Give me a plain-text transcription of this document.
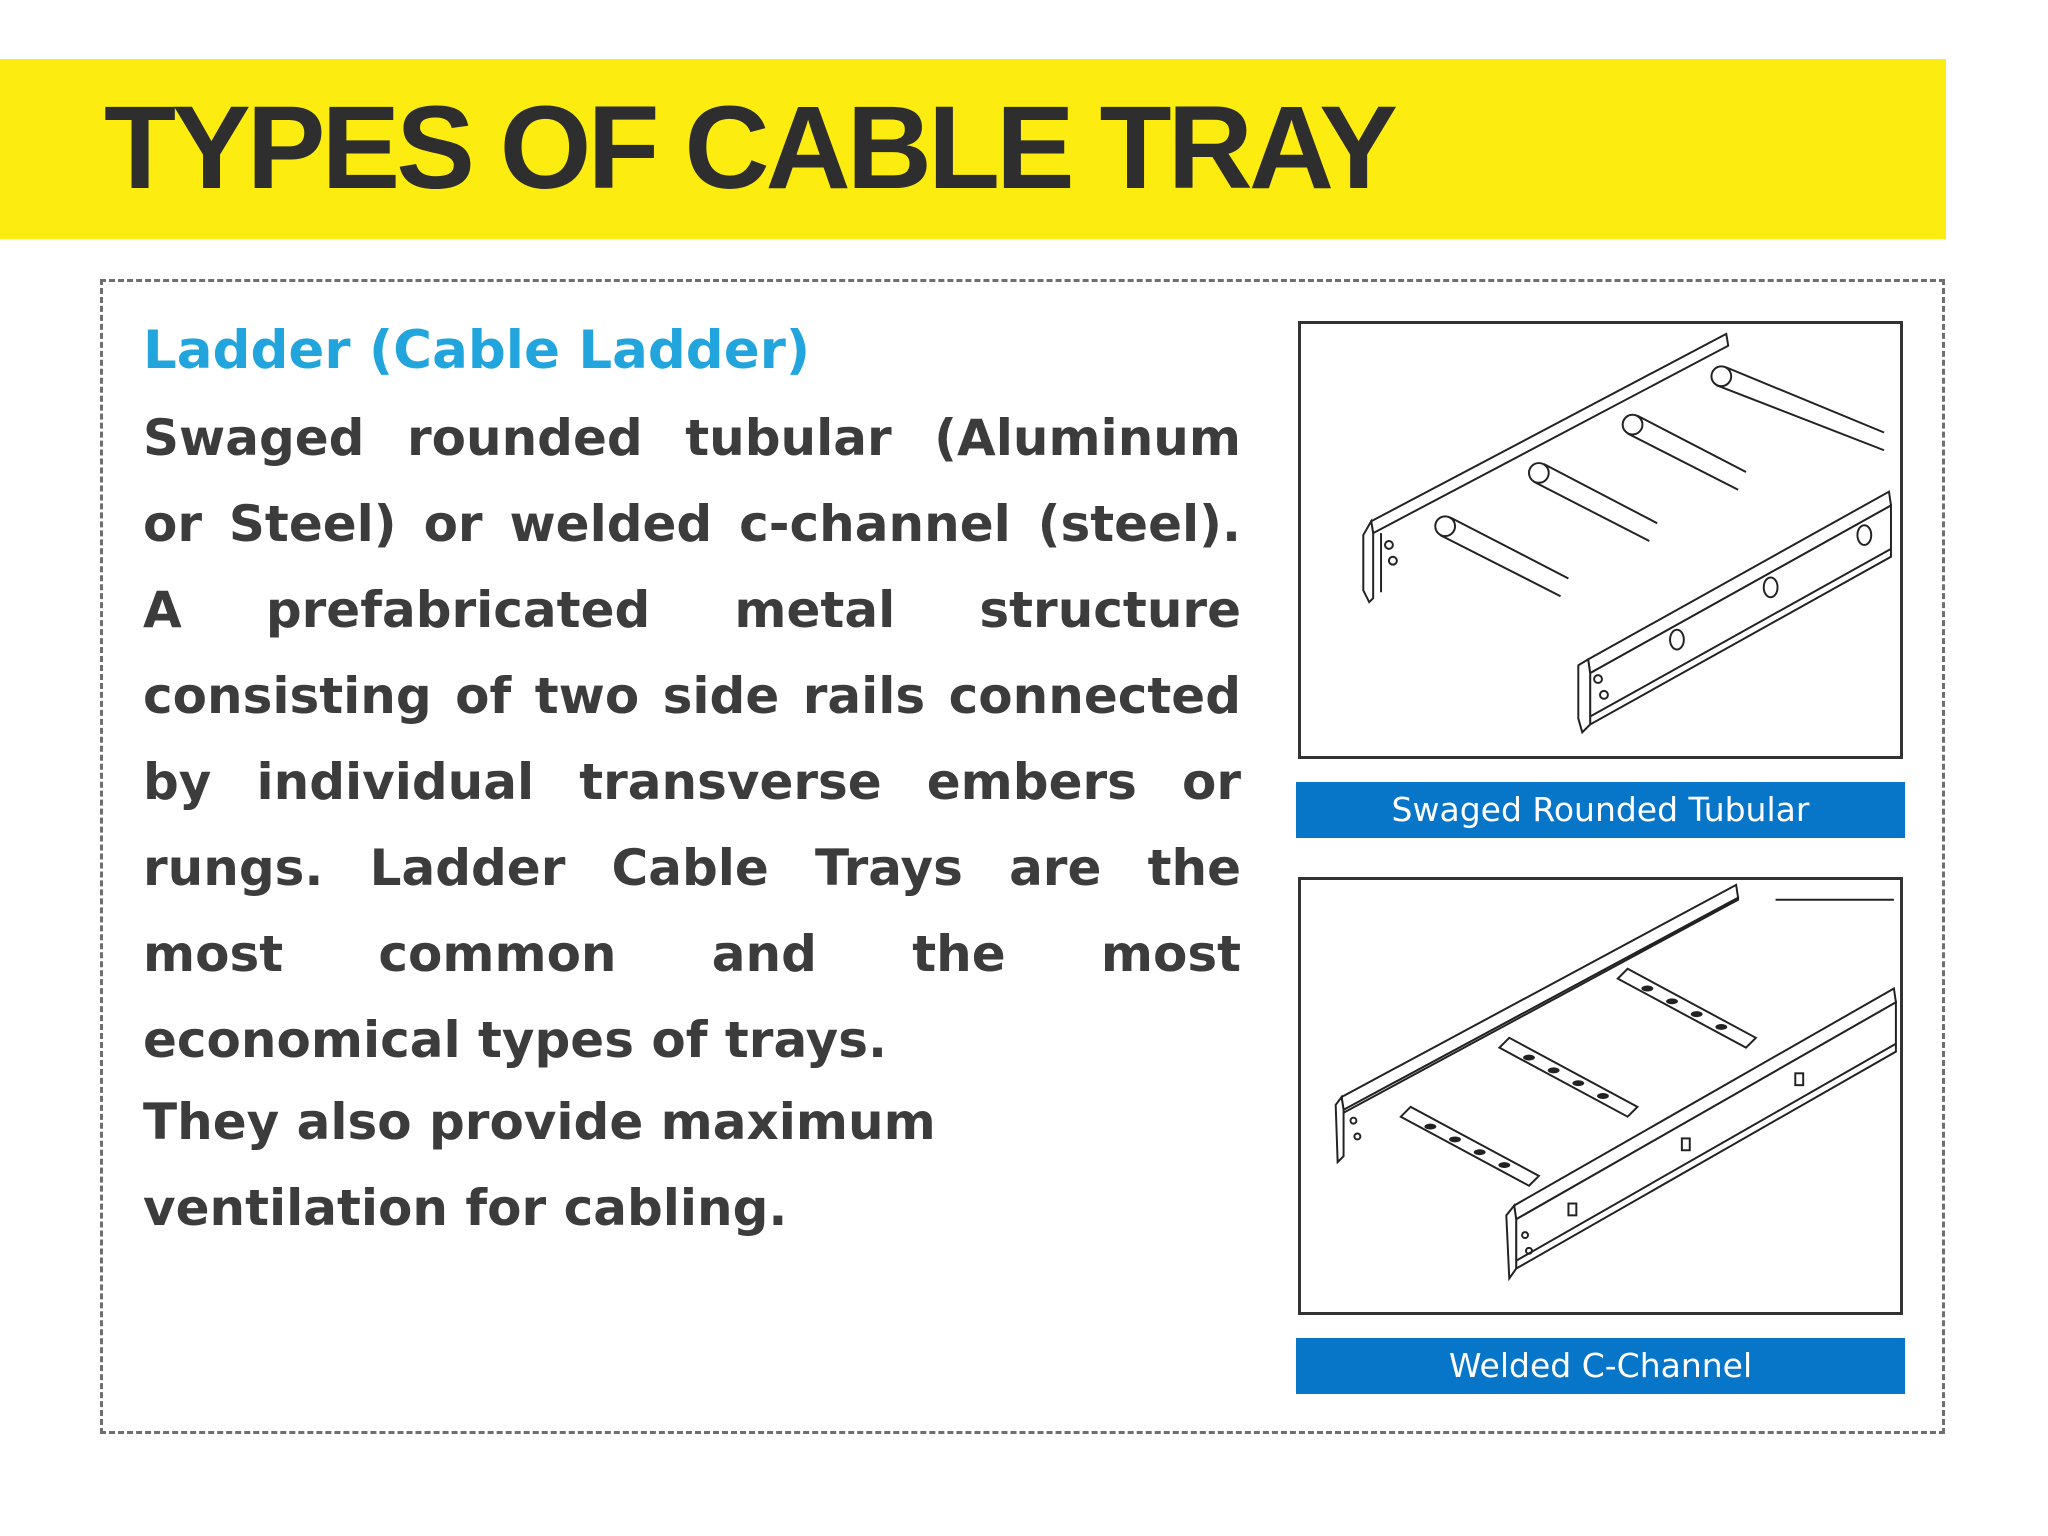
TYPES OF CABLE TRAY
Ladder (Cable Ladder)

Swaged rounded tubular (Aluminum or Steel) or welded c-channel (steel). A prefabricated metal structure consisting of two side rails connected by individual transverse embers or rungs. Ladder Cable Trays are the most common and the most economical types of trays.

They also provide maximum ventilation for cabling.

Swaged Rounded Tubular
Welded C-Channel
